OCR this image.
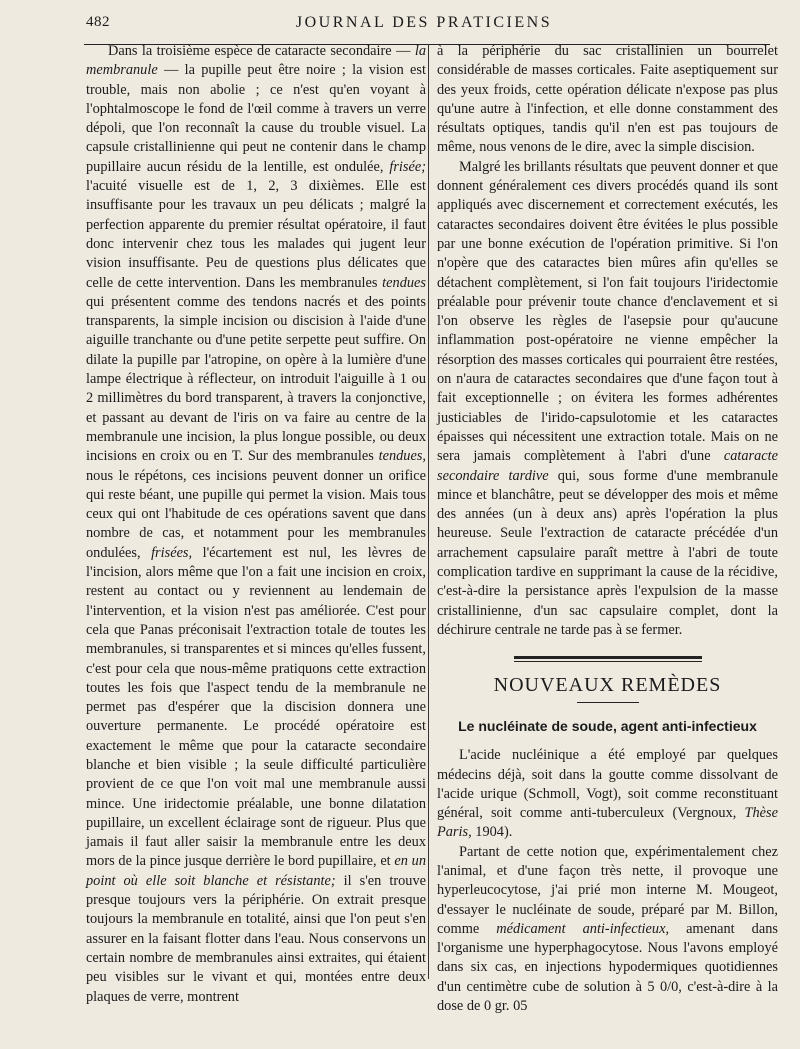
482	JOURNAL DES PRATICIENS

Dans la troisième espèce de cataracte secondaire — la membranule — la pupille peut être noire ; la vision est trouble, mais non abolie ; ce n'est qu'en voyant à l'ophtalmoscope le fond de l'œil comme à travers un verre dépoli, que l'on reconnaît la cause du trouble visuel. La capsule cristallinienne qui peut ne contenir dans le champ pupillaire aucun résidu de la lentille, est ondulée, frisée; l'acuité visuelle est de 1, 2, 3 dixièmes. Elle est insuffisante pour les travaux un peu délicats ; malgré la perfection apparente du premier résultat opératoire, il faut donc intervenir chez tous les malades qui jugent leur vision insuffisante. Peu de questions plus délicates que celle de cette intervention. Dans les membranules tendues qui présentent comme des tendons nacrés et des points transparents, la simple incision ou discision à l'aide d'une aiguille tranchante ou d'une petite serpette peut suffire. On dilate la pupille par l'atropine, on opère à la lumière d'une lampe électrique à réflecteur, on introduit l'aiguille à 1 ou 2 millimètres du bord transparent, à travers la conjonctive, et passant au devant de l'iris on va faire au centre de la membranule une incision, la plus longue possible, ou deux incisions en croix ou en T. Sur des membranules tendues, nous le répétons, ces incisions peuvent donner un orifice qui reste béant, une pupille qui permet la vision. Mais tous ceux qui ont l'habitude de ces opérations savent que dans nombre de cas, et notamment pour les membranules ondulées, frisées, l'écartement est nul, les lèvres de l'incision, alors même que l'on a fait une incision en croix, restent au contact ou y reviennent au lendemain de l'intervention, et la vision n'est pas améliorée. C'est pour cela que Panas préconisait l'extraction totale de toutes les membranules, si transparentes et si minces qu'elles fussent, c'est pour cela que nous-même pratiquons cette extraction toutes les fois que l'aspect tendu de la membranule ne permet pas d'espérer que la discision donnera une ouverture permanente. Le procédé opératoire est exactement le même que pour la cataracte secondaire blanche et bien visible ; la seule difficulté particulière provient de ce que l'on voit mal une membranule aussi mince. Une iridectomie préalable, une bonne dilatation pupillaire, un excellent éclairage sont de rigueur. Plus que jamais il faut aller saisir la membranule entre les deux mors de la pince jusque derrière le bord pupillaire, et en un point où elle soit blanche et résistante; il s'en trouve presque toujours vers la périphérie. On extrait presque toujours la membranule en totalité, ainsi que l'on peut s'en assurer en la faisant flotter dans l'eau. Nous conservons un certain nombre de membranules ainsi extraites, qui étaient peu visibles sur le vivant et qui, montées entre deux plaques de verre, montrent

à la périphérie du sac cristallinien un bourrelet considérable de masses corticales. Faite aseptiquement sur des yeux froids, cette opération délicate n'expose pas plus qu'une autre à l'infection, et elle donne constamment des résultats optiques, tandis qu'il n'en est pas toujours de même, nous venons de le dire, avec la simple discision.

Malgré les brillants résultats que peuvent donner et que donnent généralement ces divers procédés quand ils sont appliqués avec discernement et correctement exécutés, les cataractes secondaires doivent être évitées le plus possible par une bonne exécution de l'opération primitive. Si l'on n'opère que des cataractes bien mûres afin qu'elles se détachent complètement, si l'on fait toujours l'iridectomie préalable pour prévenir toute chance d'enclavement et si l'on observe les règles de l'asepsie pour qu'aucune inflammation post-opératoire ne vienne empêcher la résorption des masses corticales qui pourraient être restées, on n'aura de cataractes secondaires que d'une façon tout à fait exceptionnelle ; on évitera les formes adhérentes justiciables de l'irido-capsulotomie et les cataractes épaisses qui nécessitent une extraction totale. Mais on ne sera jamais complètement à l'abri d'une cataracte secondaire tardive qui, sous forme d'une membranule mince et blanchâtre, peut se développer des mois et même des années (un à deux ans) après l'opération la plus heureuse. Seule l'extraction de cataracte précédée d'un arrachement capsulaire paraît mettre à l'abri de toute complication tardive en supprimant la cause de la récidive, c'est-à-dire la persistance après l'expulsion de la masse cristallinienne, d'un sac capsulaire complet, dont la déchirure centrale ne tarde pas à se fermer.

NOUVEAUX REMÈDES
Le nucléinate de soude, agent anti-infectieux

L'acide nucléinique a été employé par quelques médecins déjà, soit dans la goutte comme dissolvant de l'acide urique (Schmoll, Vogt), soit comme reconstituant général, soit comme anti-tuberculeux (Vergnoux, Thèse Paris, 1904).

Partant de cette notion que, expérimentalement chez l'animal, et d'une façon très nette, il provoque une hyperleucocytose, j'ai prié mon interne M. Mougeot, d'essayer le nucléinate de soude, préparé par M. Billon, comme médicament anti-infectieux, amenant dans l'organisme une hyperphagocytose. Nous l'avons employé dans six cas, en injections hypodermiques quotidiennes d'un centimètre cube de solution à 5 0/0, c'est-à-dire à la dose de 0 gr. 05
